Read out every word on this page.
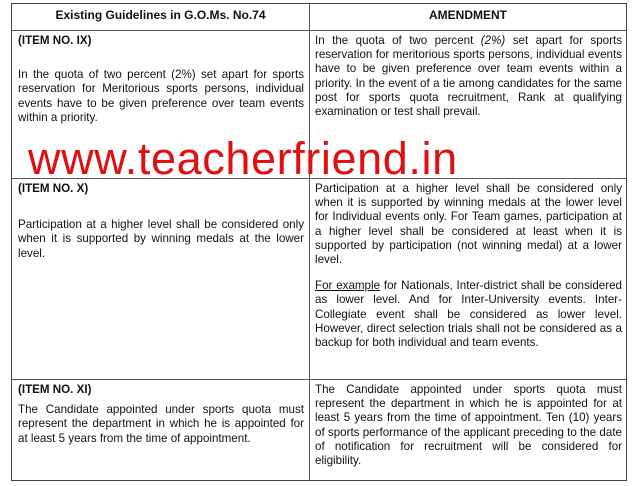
Existing Guidelines in G.O.Ms. No.74	AMENDMENT

(ITEM NO. IX)

In the quota of two percent (2%) set apart for sports reservation for Meritorious sports persons, individual events have to be given preference over team events within a priority.

In the quota of two percent (2%) set apart for sports reservation for meritorious sports persons, individual events have to be given preference over team events within a priority. In the event of a tie among candidates for the same post for sports quota recruitment, Rank at qualifying examination or test shall prevail.

(ITEM NO. X)

Participation at a higher level shall be considered only when it is supported by winning medals at the lower level.

Participation at a higher level shall be considered only when it is supported by winning medals at the lower level for Individual events only. For Team games, participation at a higher level shall be considered at least when it is supported by participation (not winning medal) at a lower level.

For example for Nationals, Inter-district shall be considered as lower level. And for Inter-University events. Inter-Collegiate event shall be considered as lower level. However, direct selection trials shall not be considered as a backup for both individual and team events.

(ITEM NO. XI)

The Candidate appointed under sports quota must represent the department in which he is appointed for at least 5 years from the time of appointment.

The Candidate appointed under sports quota must represent the department in which he is appointed for at least 5 years from the time of appointment. Ten (10) years of sports performance of the applicant preceding to the date of notification for recruitment will be considered for eligibility.
www.teacherfriend.in
